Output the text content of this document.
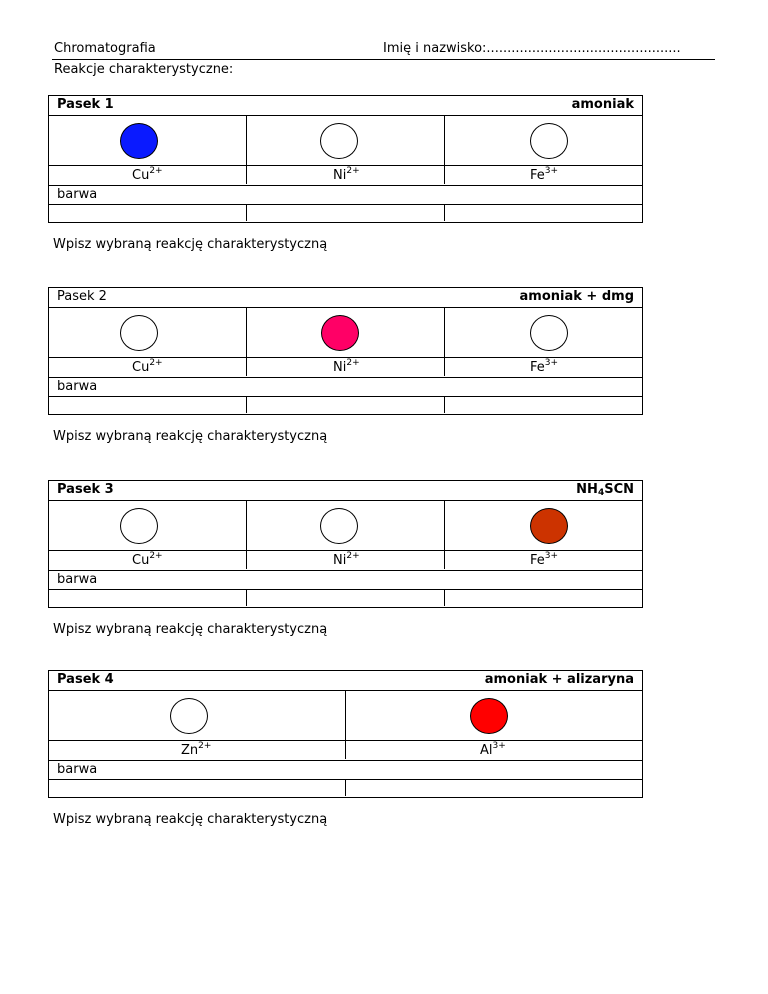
Chromatografia	Imię i nazwisko:...............................................
Reakcje charakterystyczne:
Pasek 1	amoniak
$Cu^{2+}$	$Ni^{2+}$	$Fe^{3+}$
barwa
Wpisz wybraną reakcję charakterystyczną
Pasek 2	amoniak + dmg
$Cu^{2+}$	$Ni^{2+}$	$Fe^{3+}$
barwa
Wpisz wybraną reakcję charakterystyczną
Pasek 3	$NH_4SCN$
$Cu^{2+}$	$Ni^{2+}$	$Fe^{3+}$
barwa
Wpisz wybraną reakcję charakterystyczną
Pasek 4	amoniak + alizaryna
$Zn^{2+}$	$Al^{3+}$
barwa
Wpisz wybraną reakcję charakterystyczną
